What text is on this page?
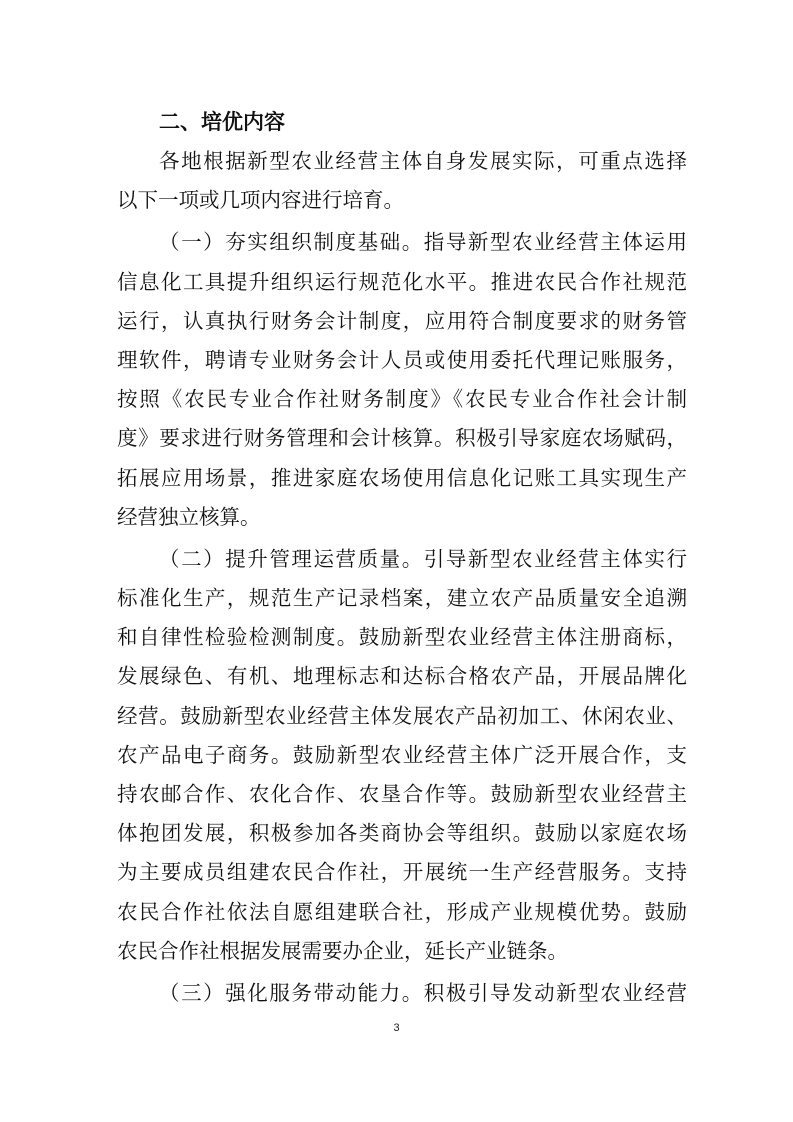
二、培优内容
各地根据新型农业经营主体自身发展实际，可重点选择
以下一项或几项内容进行培育。
（一）夯实组织制度基础。指导新型农业经营主体运用
信息化工具提升组织运行规范化水平。推进农民合作社规范
运行，认真执行财务会计制度，应用符合制度要求的财务管
理软件，聘请专业财务会计人员或使用委托代理记账服务，
按照《农民专业合作社财务制度》《农民专业合作社会计制
度》要求进行财务管理和会计核算。积极引导家庭农场赋码，
拓展应用场景，推进家庭农场使用信息化记账工具实现生产
经营独立核算。
（二）提升管理运营质量。引导新型农业经营主体实行
标准化生产，规范生产记录档案，建立农产品质量安全追溯
和自律性检验检测制度。鼓励新型农业经营主体注册商标，
发展绿色、有机、地理标志和达标合格农产品，开展品牌化
经营。鼓励新型农业经营主体发展农产品初加工、休闲农业、
农产品电子商务。鼓励新型农业经营主体广泛开展合作，支
持农邮合作、农化合作、农垦合作等。鼓励新型农业经营主
体抱团发展，积极参加各类商协会等组织。鼓励以家庭农场
为主要成员组建农民合作社，开展统一生产经营服务。支持
农民合作社依法自愿组建联合社，形成产业规模优势。鼓励
农民合作社根据发展需要办企业，延长产业链条。
（三）强化服务带动能力。积极引导发动新型农业经营
3
